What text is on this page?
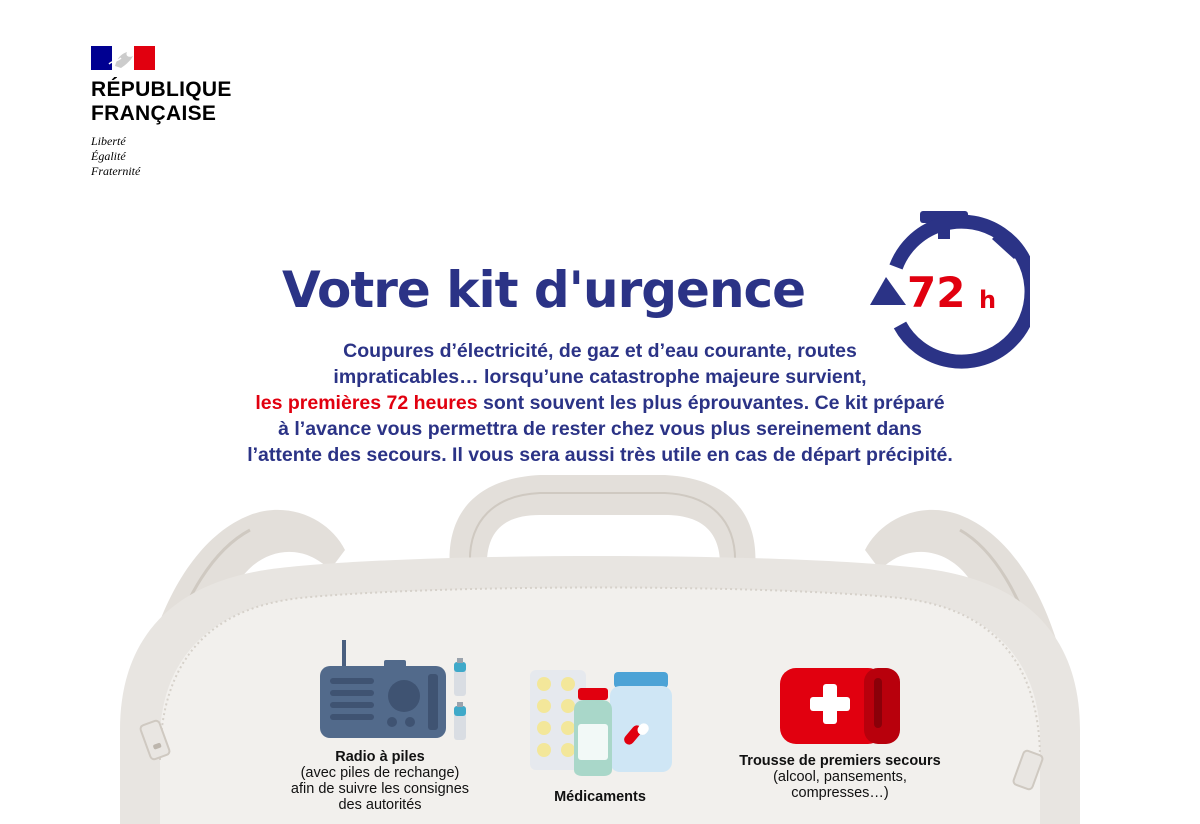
RÉPUBLIQUE
FRANÇAISE
Liberté
Égalité
Fraternité
Votre kit d'urgence 72 h
Coupures d’électricité, de gaz et d’eau courante, routes
impraticables… lorsqu’une catastrophe majeure survient,
les premières 72 heures sont souvent les plus éprouvantes. Ce kit préparé
à l’avance vous permettra de rester chez vous plus sereinement dans
l’attente des secours. Il vous sera aussi très utile en cas de départ précipité.
Radio à piles
(avec piles de rechange)
afin de suivre les consignes
des autorités	Médicaments
Trousse de premiers secours
(alcool, pansements,
compresses…)
